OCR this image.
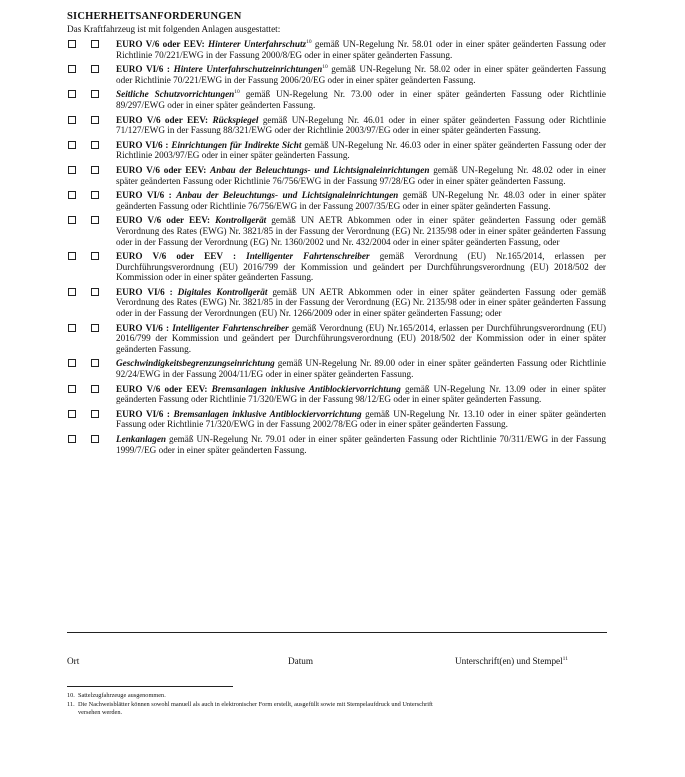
SICHERHEITSANFORDERUNGEN
Das Kraftfahrzeug ist mit folgenden Anlagen ausgestattet:
EURO V/6 oder EEV: Hinterer Unterfahrschutz$^{10}$ gemäß UN-Regelung Nr. 58.01 oder in einer später geänderten Fassung oder Richtlinie 70/221/EWG in der Fassung 2000/8/EG oder in einer später geänderten Fassung.
EURO VI/6 : Hintere Unterfahrschutzeinrichtungen$^{10}$ gemäß UN-Regelung Nr. 58.02 oder in einer später geänderten Fassung oder Richtlinie 70/221/EWG in der Fassung 2006/20/EG oder in einer später geänderten Fassung.
Seitliche Schutzvorrichtungen$^{10}$ gemäß UN-Regelung Nr. 73.00 oder in einer später geänderten Fassung oder Richtlinie 89/297/EWG oder in einer später geänderten Fassung.
EURO V/6 oder EEV: Rückspiegel gemäß UN-Regelung Nr. 46.01 oder in einer später geänderten Fassung oder Richtlinie 71/127/EWG in der Fassung 88/321/EWG oder der Richtlinie 2003/97/EG oder in einer später geänderten Fassung.
EURO VI/6 : Einrichtungen für Indirekte Sicht gemäß UN-Regelung Nr. 46.03 oder in einer später geänderten Fassung oder der Richtlinie 2003/97/EG oder in einer später geänderten Fassung.
EURO V/6 oder EEV: Anbau der Beleuchtungs- und Lichtsignaleinrichtungen gemäß UN-Regelung Nr. 48.02 oder in einer später geänderten Fassung oder Richtlinie 76/756/EWG in der Fassung 97/28/EG oder in einer später geänderten Fassung.
EURO VI/6 : Anbau der Beleuchtungs- und Lichtsignaleinrichtungen gemäß UN-Regelung Nr. 48.03 oder in einer später geänderten Fassung oder Richtlinie 76/756/EWG in der Fassung 2007/35/EG oder in einer später geänderten Fassung.
EURO V/6 oder EEV: Kontrollgerät gemäß UN AETR Abkommen oder in einer später geänderten Fassung oder gemäß Verordnung des Rates (EWG) Nr. 3821/85 in der Fassung der Verordnung (EG) Nr. 2135/98 oder in einer später geänderten Fassung oder in der Fassung der Verordnung (EG) Nr. 1360/2002 und Nr. 432/2004 oder in einer später geänderten Fassung, oder
EURO V/6 oder EEV : Intelligenter Fahrtenschreiber gemäß Verordnung (EU) Nr.165/2014, erlassen per Durchführungsverordnung (EU) 2016/799 der Kommission und geändert per Durchführungsverordnung (EU) 2018/502 der Kommission oder in einer später geänderten Fassung.
EURO VI/6 : Digitales Kontrollgerät gemäß UN AETR Abkommen oder in einer später geänderten Fassung oder gemäß Verordnung des Rates (EWG) Nr. 3821/85 in der Fassung der Verordnung (EG) Nr. 2135/98 oder in einer später geänderten Fassung oder in der Fassung der Verordnungen (EU) Nr. 1266/2009 oder in einer später geänderten Fassung; oder
EURO VI/6 : Intelligenter Fahrtenschreiber gemäß Verordnung (EU) Nr.165/2014, erlassen per Durchführungsverordnung (EU) 2016/799 der Kommission und geändert per Durchführungsverordnung (EU) 2018/502 der Kommission oder in einer später geänderten Fassung.
Geschwindigkeitsbegrenzungseinrichtung gemäß UN-Regelung Nr. 89.00 oder in einer später geänderten Fassung oder Richtlinie 92/24/EWG in der Fassung 2004/11/EG oder in einer später geänderten Fassung.
EURO V/6 oder EEV: Bremsanlagen inklusive Antiblockiervorrichtung gemäß UN-Regelung Nr. 13.09 oder in einer später geänderten Fassung oder Richtlinie 71/320/EWG in der Fassung 98/12/EG oder in einer später geänderten Fassung.
EURO VI/6 : Bremsanlagen inklusive Antiblockiervorrichtung gemäß UN-Regelung Nr. 13.10 oder in einer später geänderten Fassung oder Richtlinie 71/320/EWG in der Fassung 2002/78/EG oder in einer später geänderten Fassung.
Lenkanlagen gemäß UN-Regelung Nr. 79.01 oder in einer später geänderten Fassung oder Richtlinie 70/311/EWG in der Fassung 1999/7/EG oder in einer später geänderten Fassung.
Ort	Datum	Unterschrift(en) und Stempel$^{11}$
10. Sattelzugfahrzeuge ausgenommen.
11. Die Nachweisblätter können sowohl manuell als auch in elektronischer Form erstellt, ausgefüllt sowie mit Stempelaufdruck und Unterschrift
versehen werden.
